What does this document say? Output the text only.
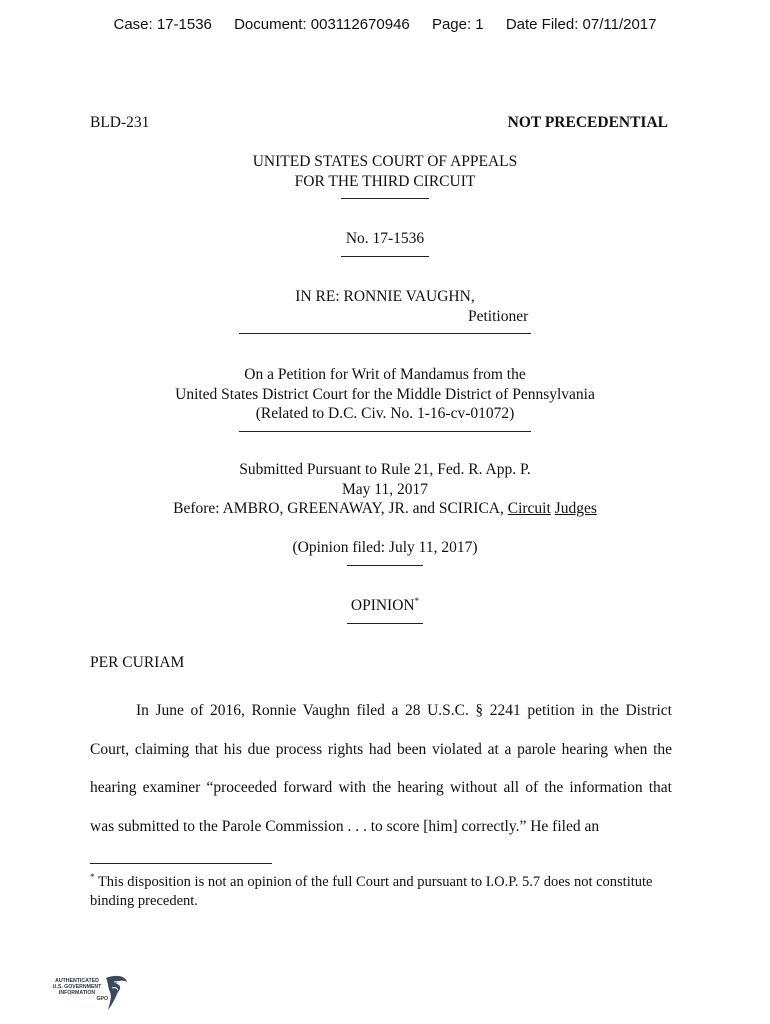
Case: 17-1536 Document: 003112670946 Page: 1 Date Filed: 07/11/2017
BLD-231	NOT PRECEDENTIAL
UNITED STATES COURT OF APPEALS
FOR THE THIRD CIRCUIT
No. 17-1536
IN RE: RONNIE VAUGHN,
Petitioner
On a Petition for Writ of Mandamus from the
United States District Court for the Middle District of Pennsylvania
(Related to D.C. Civ. No. 1-16-cv-01072)
Submitted Pursuant to Rule 21, Fed. R. App. P.
May 11, 2017
Before: AMBRO, GREENAWAY, JR. and SCIRICA, Circuit Judges
(Opinion filed: July 11, 2017)
OPINION*
PER CURIAM

In June of 2016, Ronnie Vaughn filed a 28 U.S.C. § 2241 petition in the District Court, claiming that his due process rights had been violated at a parole hearing when the hearing examiner “proceeded forward with the hearing without all of the information that was submitted to the Parole Commission . . . to score [him] correctly.” He filed an

* This disposition is not an opinion of the full Court and pursuant to I.O.P. 5.7 does not constitute binding precedent.
AUTHENTICATED
U.S. GOVERNMENT
INFORMATION
GPO
